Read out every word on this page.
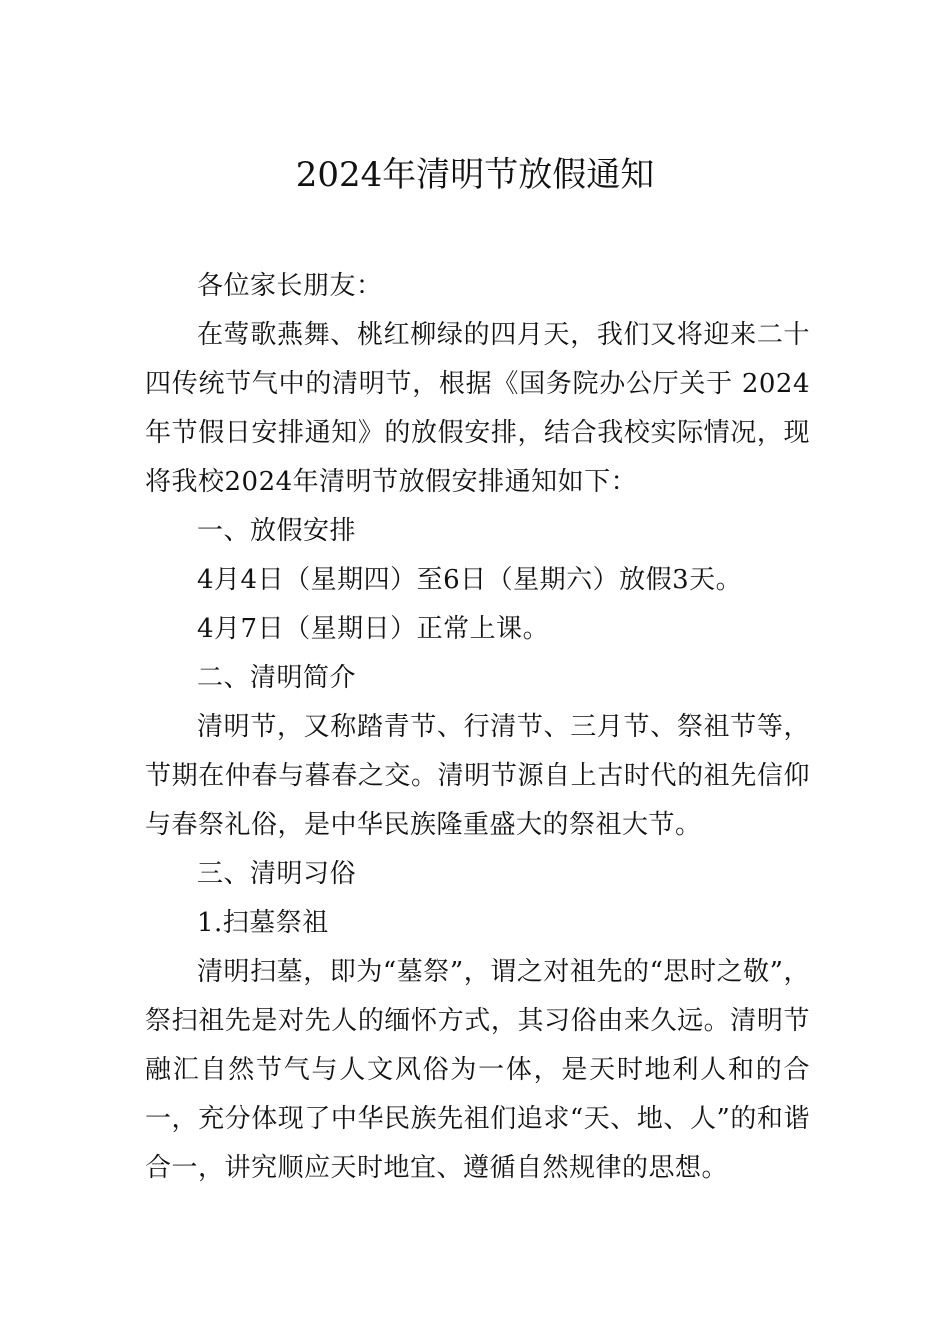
2024年清明节放假通知

各位家长朋友：

在莺歌燕舞、桃红柳绿的四月天，我们又将迎来二十四传统节气中的清明节，根据《国务院办公厅关于 2024 年节假日安排通知》的放假安排，结合我校实际情况，现将我校2024年清明节放假安排通知如下：

一、放假安排

4月4日（星期四）至6日（星期六）放假3天。

4月7日（星期日）正常上课。

二、清明简介

清明节，又称踏青节、行清节、三月节、祭祖节等，节期在仲春与暮春之交。清明节源自上古时代的祖先信仰与春祭礼俗，是中华民族隆重盛大的祭祖大节。

三、清明习俗

1.扫墓祭祖

清明扫墓，即为“墓祭”，谓之对祖先的“思时之敬”，祭扫祖先是对先人的缅怀方式，其习俗由来久远。清明节融汇自然节气与人文风俗为一体，是天时地利人和的合一，充分体现了中华民族先祖们追求“天、地、人”的和谐合一，讲究顺应天时地宜、遵循自然规律的思想。
